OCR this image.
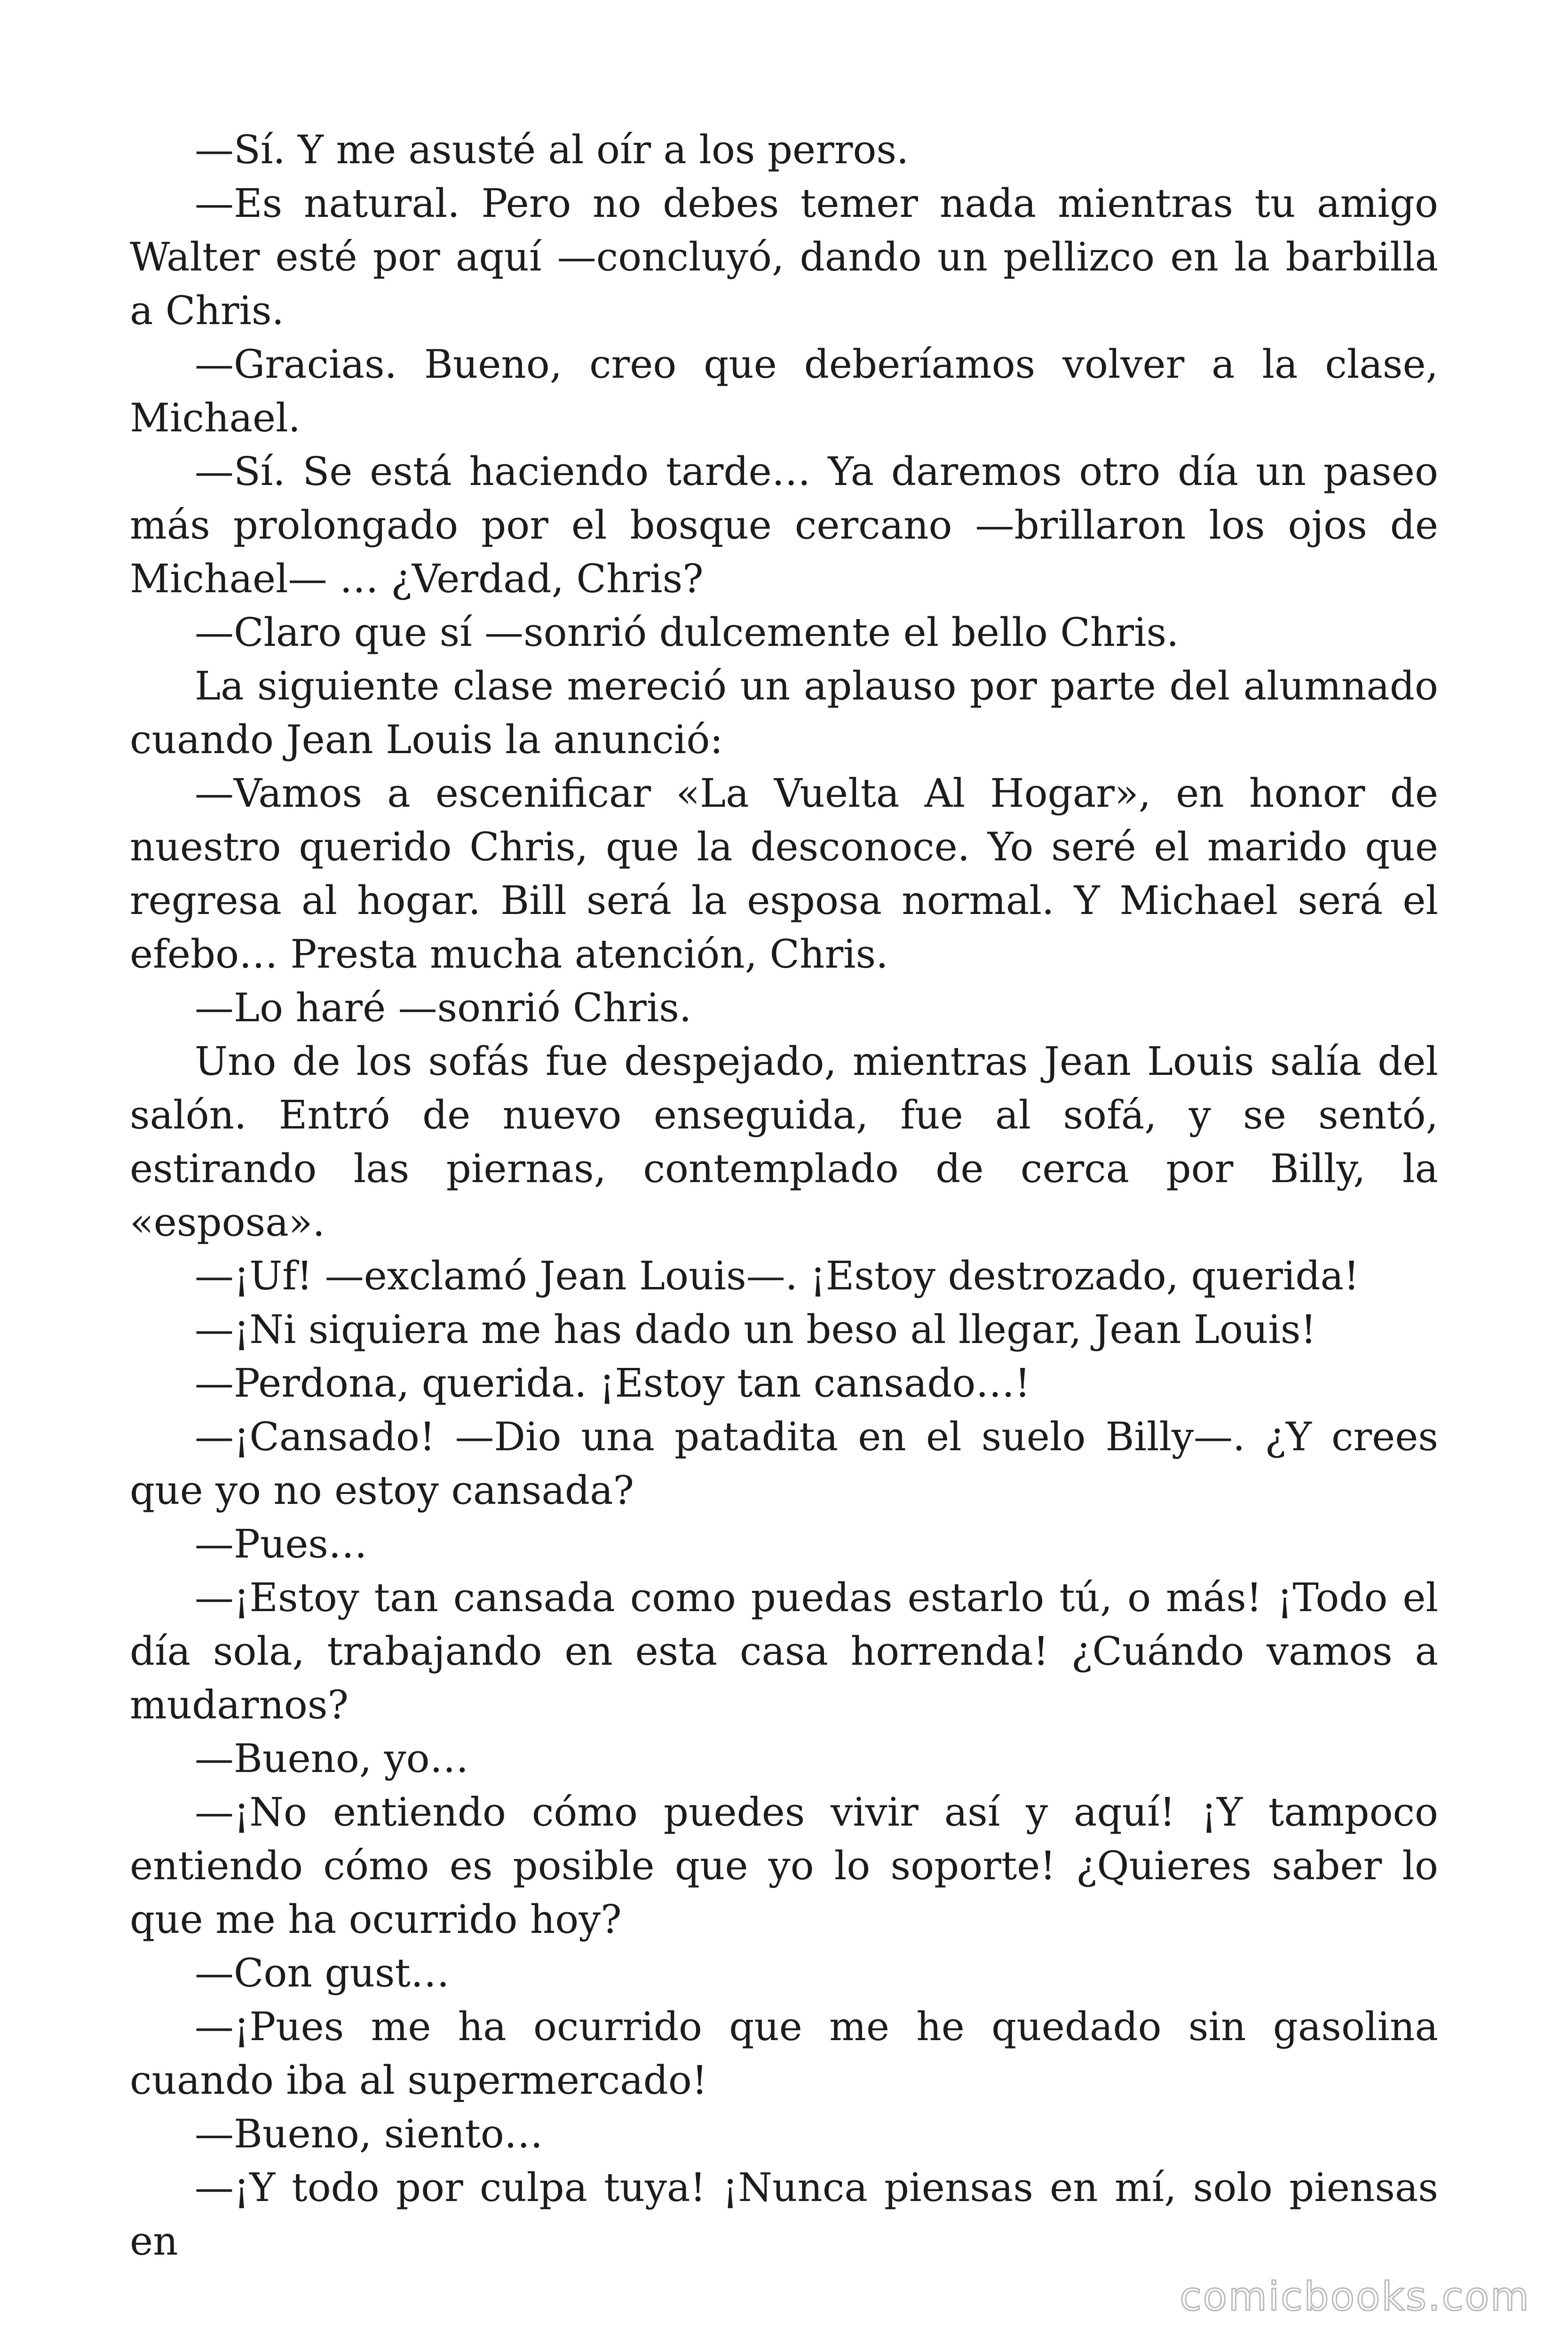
—Sí. Y me asusté al oír a los perros.

—Es natural. Pero no debes temer nada mientras tu amigo Walter esté por aquí —concluyó, dando un pellizco en la barbilla a Chris.

—Gracias. Bueno, creo que deberíamos volver a la clase, Michael.

—Sí. Se está haciendo tarde… Ya daremos otro día un paseo más prolongado por el bosque cercano —brillaron los ojos de Michael— … ¿Verdad, Chris?

—Claro que sí —sonrió dulcemente el bello Chris.

La siguiente clase mereció un aplauso por parte del alumnado cuando Jean Louis la anunció:

—Vamos a escenificar «La Vuelta Al Hogar», en honor de nuestro querido Chris, que la desconoce. Yo seré el marido que regresa al hogar. Bill será la esposa normal. Y Michael será el efebo… Presta mucha atención, Chris.

—Lo haré —sonrió Chris.

Uno de los sofás fue despejado, mientras Jean Louis salía del salón. Entró de nuevo enseguida, fue al sofá, y se sentó, estirando las piernas, contemplado de cerca por Billy, la «esposa».

—¡Uf! —exclamó Jean Louis—. ¡Estoy destrozado, querida!

—¡Ni siquiera me has dado un beso al llegar, Jean Louis!

—Perdona, querida. ¡Estoy tan cansado…!

—¡Cansado! —Dio una patadita en el suelo Billy—. ¿Y crees que yo no estoy cansada?

—Pues…

—¡Estoy tan cansada como puedas estarlo tú, o más! ¡Todo el día sola, trabajando en esta casa horrenda! ¿Cuándo vamos a mudarnos?

—Bueno, yo…

—¡No entiendo cómo puedes vivir así y aquí! ¡Y tampoco entiendo cómo es posible que yo lo soporte! ¿Quieres saber lo que me ha ocurrido hoy?

—Con gust…

—¡Pues me ha ocurrido que me he quedado sin gasolina cuando iba al supermercado!

—Bueno, siento…

—¡Y todo por culpa tuya! ¡Nunca piensas en mí, solo piensas en

comicbooks.com
